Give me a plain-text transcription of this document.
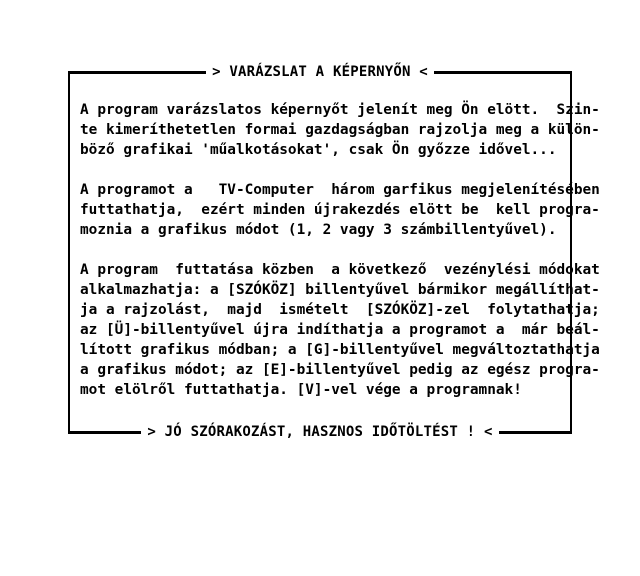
> VARÁZSLAT A KÉPERNYŐN <
A program varázslatos képernyőt jelenít meg Ön elött.  Szin-
te kimeríthetetlen formai gazdagságban rajzolja meg a külön-
böző grafikai 'műalkotásokat', csak Ön győzze idővel...
A programot a   TV-Computer  három garfikus megjelenítésében
futtathatja,  ezért minden újrakezdés elött be  kell progra-
moznia a grafikus módot (1, 2 vagy 3 számbillentyűvel).
A program  futtatása közben  a következő  vezénylési módokat
alkalmazhatja: a [SZÓKÖZ] billentyűvel bármikor megállíthat-
ja a rajzolást,  majd  ismételt  [SZÓKÖZ]-zel  folytathatja;
az [Ü]-billentyűvel újra indíthatja a programot a  már beál-
lított grafikus módban; a [G]-billentyűvel megváltoztathatja
a grafikus módot; az [E]-billentyűvel pedig az egész progra-
mot elölről futtathatja. [V]-vel vége a programnak!
> JÓ SZÓRAKOZÁST, HASZNOS IDŐTÖLTÉST ! <
